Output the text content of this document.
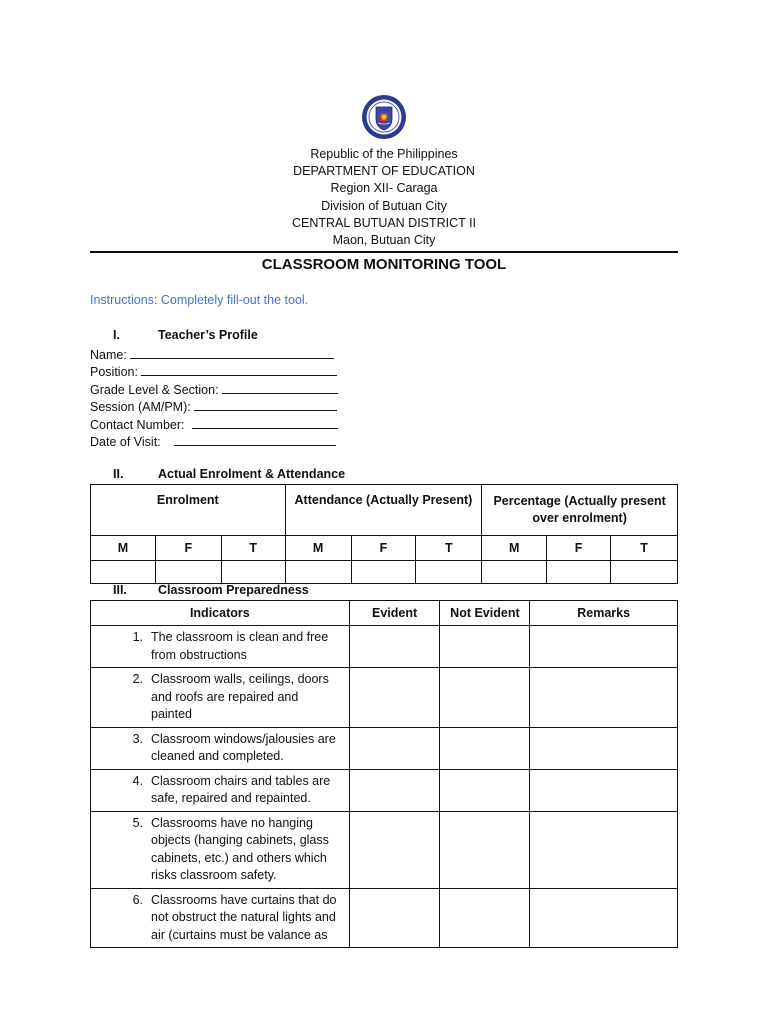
Republic of the Philippines
DEPARTMENT OF EDUCATION
Region XII- Caraga
Division of Butuan City
CENTRAL BUTUAN DISTRICT II
Maon, Butuan City
CLASSROOM MONITORING TOOL
Instructions: Completely fill-out the tool.
I.	Teacher’s Profile
Name:
Position:
Grade Level & Section:
Session (AM/PM):
Contact Number:
Date of Visit:
II.	Actual Enrolment & Attendance
Enrolment			Attendance (Actually Present)			Percentage (Actually present over enrolment)		
M	F	T	M	F	T	M	F	T

III. Classroom Preparedness
Indicators	Evident	Not Evident	Remarks

1. The classroom is clean and free from obstructions			

2. Classroom walls, ceilings, doors and roofs are repaired and painted			

3. Classroom windows/jalousies are cleaned and completed.			

4. Classroom chairs and tables are safe, repaired and repainted.			

5. Classrooms have no hanging objects (hanging cabinets, glass cabinets, etc.) and others which risks classroom safety.			

6. Classrooms have curtains that do not obstruct the natural lights and air (curtains must be valance as			
